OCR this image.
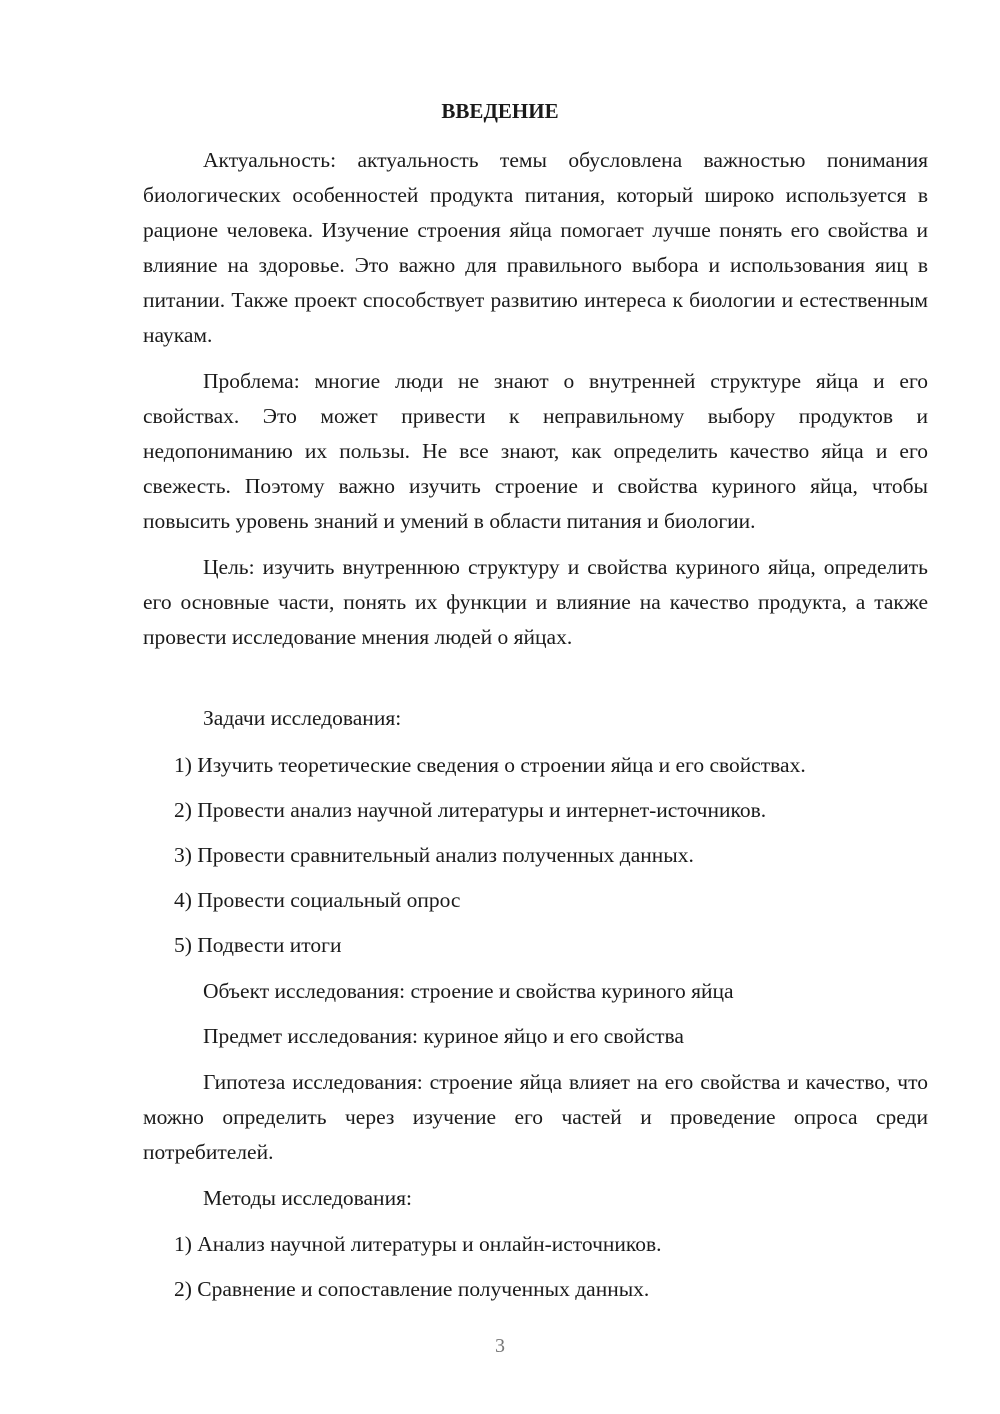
ВВЕДЕНИЕ

Актуальность: актуальность темы обусловлена важностью понимания биологических особенностей продукта питания, который широко используется в рационе человека. Изучение строения яйца помогает лучше понять его свойства и влияние на здоровье. Это важно для правильного выбора и использования яиц в питании. Также проект способствует развитию интереса к биологии и естественным наукам.

Проблема: многие люди не знают о внутренней структуре яйца и его свойствах. Это может привести к неправильному выбору продуктов и недопониманию их пользы. Не все знают, как определить качество яйца и его свежесть. Поэтому важно изучить строение и свойства куриного яйца, чтобы повысить уровень знаний и умений в области питания и биологии.

Цель: изучить внутреннюю структуру и свойства куриного яйца, определить его основные части, понять их функции и влияние на качество продукта, а также провести исследование мнения людей о яйцах.

Задачи исследования:
1) Изучить теоретические сведения о строении яйца и его свойствах.
2) Провести анализ научной литературы и интернет-источников.
3) Провести сравнительный анализ полученных данных.
4) Провести социальный опрос
5) Подвести итоги
Объект исследования: строение и свойства куриного яйца
Предмет исследования: куриное яйцо и его свойства

Гипотеза исследования: строение яйца влияет на его свойства и качество, что можно определить через изучение его частей и проведение опроса среди потребителей.

Методы исследования:
1) Анализ научной литературы и онлайн-источников.
2) Сравнение и сопоставление полученных данных.
3
